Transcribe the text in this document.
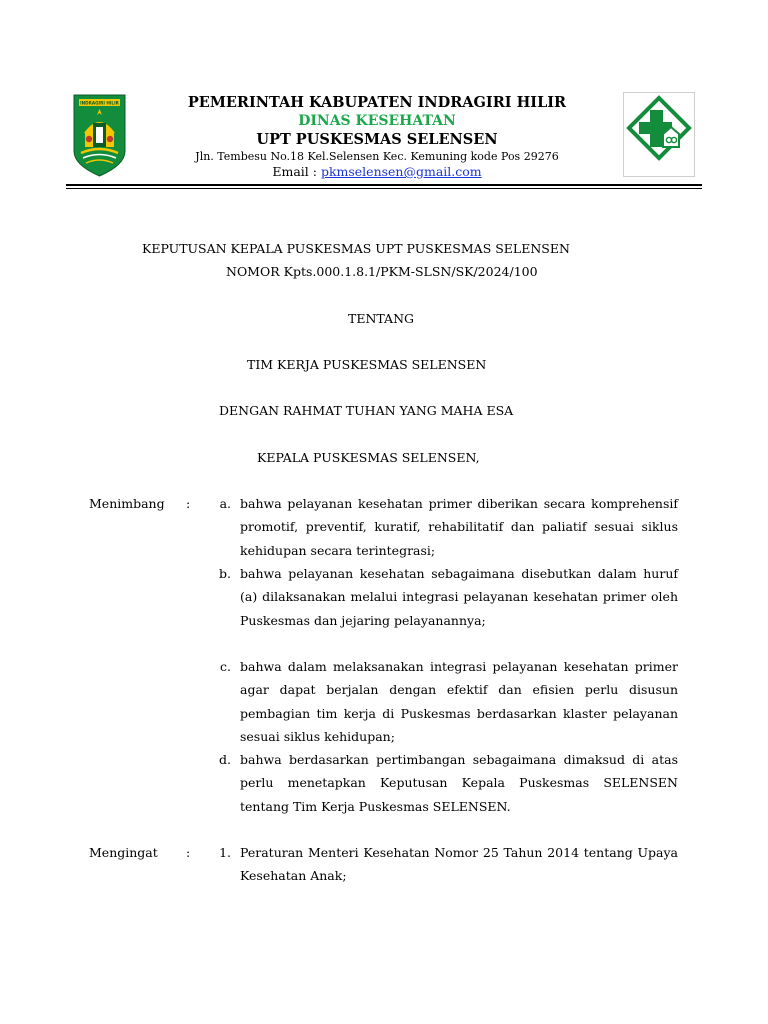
INDRAGIRI HILIR	PEMERINTAH KABUPATEN INDRAGIRI HILIR
DINAS KESEHATAN
UPT PUSKESMAS SELENSEN
Jln. Tembesu No.18 Kel.Selensen Kec. Kemuning kode Pos 29276
Email : pkmselensen@gmail.com
KEPUTUSAN KEPALA PUSKESMAS UPT PUSKESMAS SELENSEN
NOMOR Kpts.000.1.8.1/PKM-SLSN/SK/2024/100
TENTANG
TIM KERJA PUSKESMAS SELENSEN
DENGAN RAHMAT TUHAN YANG MAHA ESA
KEPALA PUSKESMAS SELENSEN,
Menimbang :	a. bahwa pelayanan kesehatan primer diberikan secara komprehensif promotif, preventif, kuratif, rehabilitatif dan paliatif sesuai siklus kehidupan secara terintegrasi;
b. bahwa pelayanan kesehatan sebagaimana disebutkan dalam huruf (a) dilaksanakan melalui integrasi pelayanan kesehatan primer oleh Puskesmas dan jejaring pelayanannya;
c. bahwa dalam melaksanakan integrasi pelayanan kesehatan primer agar dapat berjalan dengan efektif dan efisien perlu disusun pembagian tim kerja di Puskesmas berdasarkan klaster pelayanan sesuai siklus kehidupan;
d. bahwa berdasarkan pertimbangan sebagaimana dimaksud di atas perlu menetapkan Keputusan Kepala Puskesmas SELENSEN tentang Tim Kerja Puskesmas SELENSEN.
Mengingat :	1. Peraturan Menteri Kesehatan Nomor 25 Tahun 2014 tentang Upaya Kesehatan Anak;
